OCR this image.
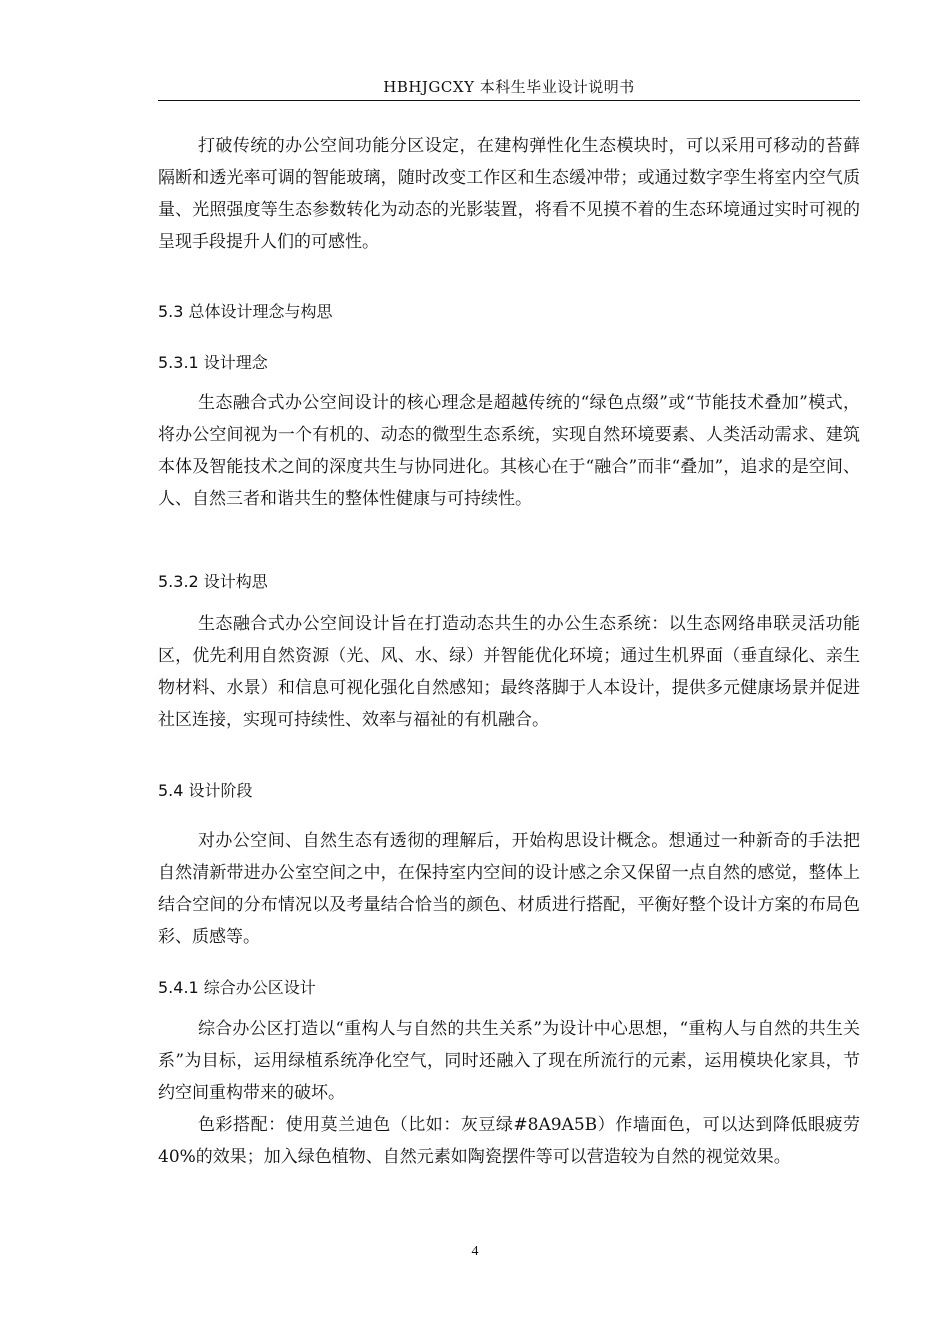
HBHJGCXY 本科生毕业设计说明书

打破传统的办公空间功能分区设定，在建构弹性化生态模块时，可以采用可移动的苔藓隔断和透光率可调的智能玻璃，随时改变工作区和生态缓冲带；或通过数字孪生将室内空气质量、光照强度等生态参数转化为动态的光影装置，将看不见摸不着的生态环境通过实时可视的呈现手段提升人们的可感性。

5.3 总体设计理念与构思
5.3.1 设计理念

生态融合式办公空间设计的核心理念是超越传统的“绿色点缀”或“节能技术叠加”模式，将办公空间视为一个有机的、动态的微型生态系统，实现自然环境要素、人类活动需求、建筑本体及智能技术之间的深度共生与协同进化。其核心在于“融合”而非“叠加”，追求的是空间、人、自然三者和谐共生的整体性健康与可持续性。

5.3.2 设计构思

生态融合式办公空间设计旨在打造动态共生的办公生态系统：以生态网络串联灵活功能区，优先利用自然资源（光、风、水、绿）并智能优化环境；通过生机界面（垂直绿化、亲生物材料、水景）和信息可视化强化自然感知；最终落脚于人本设计，提供多元健康场景并促进社区连接，实现可持续性、效率与福祉的有机融合。

5.4 设计阶段

对办公空间、自然生态有透彻的理解后，开始构思设计概念。想通过一种新奇的手法把自然清新带进办公室空间之中，在保持室内空间的设计感之余又保留一点自然的感觉，整体上结合空间的分布情况以及考量结合恰当的颜色、材质进行搭配，平衡好整个设计方案的布局色彩、质感等。

5.4.1 综合办公区设计

综合办公区打造以“重构人与自然的共生关系”为设计中心思想，“重构人与自然的共生关系”为目标，运用绿植系统净化空气，同时还融入了现在所流行的元素，运用模块化家具，节约空间重构带来的破坏。

色彩搭配：使用莫兰迪色（比如：灰豆绿#8A9A5B）作墙面色，可以达到降低眼疲劳 40%的效果；加入绿色植物、自然元素如陶瓷摆件等可以营造较为自然的视觉效果。

4
